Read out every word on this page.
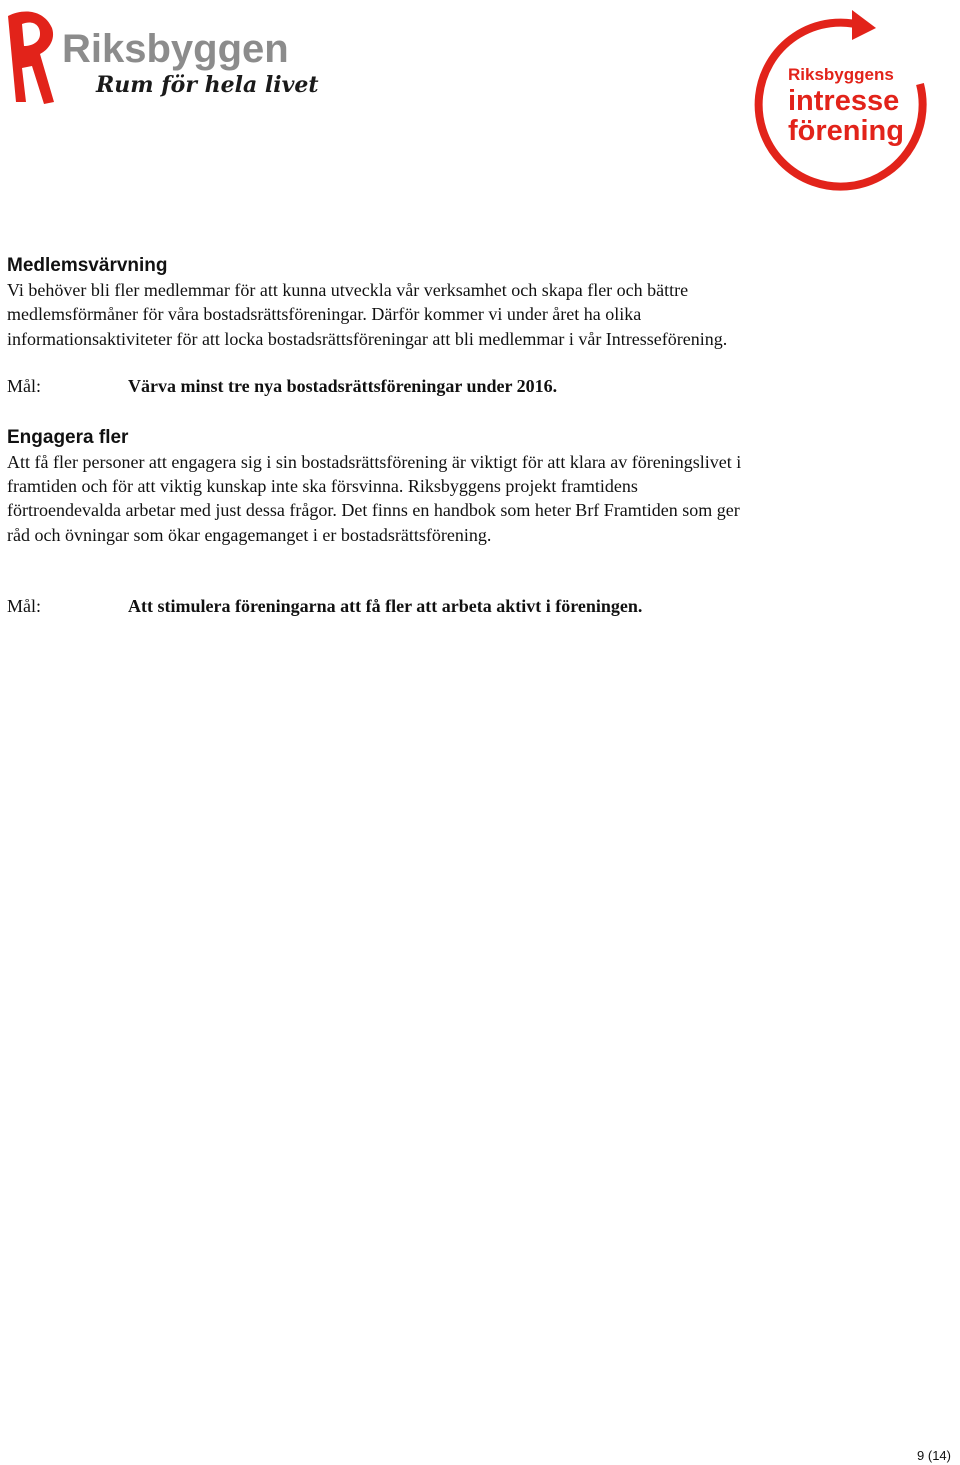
Riksbyggen
Rum för hela livet	Riksbyggens
intresse
förening
Medlemsvärvning

Vi behöver bli fler medlemmar för att kunna utveckla vår verksamhet och skapa fler och bättre medlemsförmåner för våra bostadsrättsföreningar. Därför kommer vi under året ha olika informationsaktiviteter för att locka bostadsrättsföreningar att bli medlemmar i vår Intresseförening.

Mål:	Värva minst tre nya bostadsrättsföreningar under 2016.
Engagera fler

Att få fler personer att engagera sig i sin bostadsrättsförening är viktigt för att klara av föreningslivet i framtiden och för att viktig kunskap inte ska försvinna. Riksbyggens projekt framtidens förtroendevalda arbetar med just dessa frågor. Det finns en handbok som heter Brf Framtiden som ger råd och övningar som ökar engagemanget i er bostadsrättsförening.

Mål:	Att stimulera föreningarna att få fler att arbeta aktivt i föreningen.
9 (14)
